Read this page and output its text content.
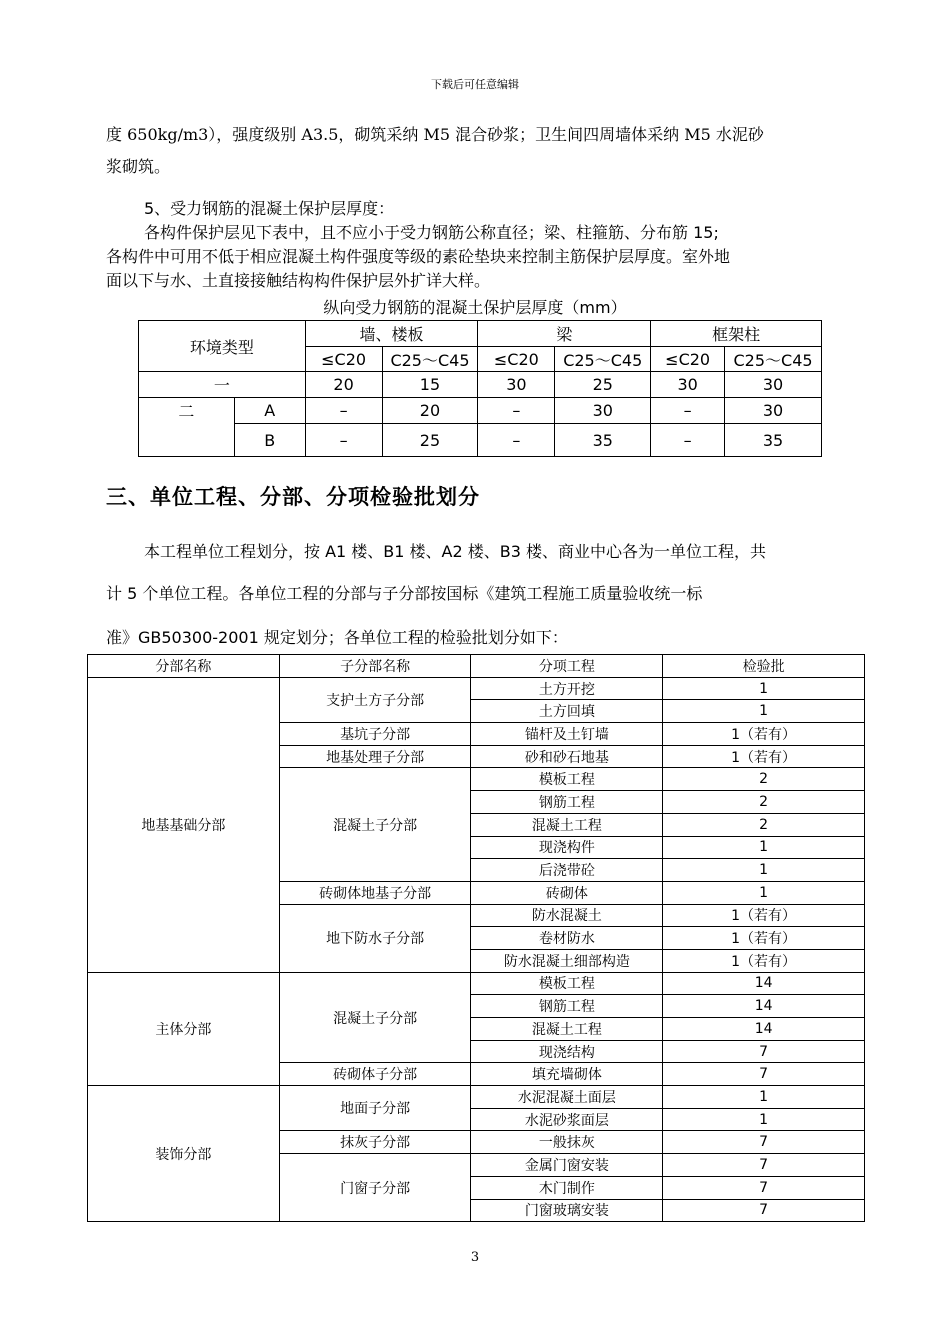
下载后可任意编辑
度 650kg/m3），强度级别 A3.5，砌筑采纳 M5 混合砂浆；卫生间四周墙体采纳 M5 水泥砂
浆砌筑。
5、受力钢筋的混凝土保护层厚度：
各构件保护层见下表中，且不应小于受力钢筋公称直径；梁、柱箍筋、分布筋 15;
各构件中可用不低于相应混凝土构件强度等级的素砼垫块来控制主筋保护层厚度。室外地
面以下与水、土直接接触结构构件保护层外扩详大样。
纵向受力钢筋的混凝土保护层厚度（mm）
环境类型		墙、楼板		梁		框架柱	
		≤C20	C25～C45	≤C20	C25～C45	≤C20	C25～C45
一		20	15	30	25	30	30
二	A	–	20	–	30	–	30
	B	–	25	–	35	–	35
三、单位工程、分部、分项检验批划分
本工程单位工程划分，按 A1 楼、B1 楼、A2 楼、B3 楼、商业中心各为一单位工程，共
计 5 个单位工程。各单位工程的分部与子分部按国标《建筑工程施工质量验收统一标
准》GB50300-2001 规定划分；各单位工程的检验批划分如下：
分部名称	子分部名称	分项工程	检验批
地基基础分部	支护土方子分部	土方开挖	1
		土方回填	1
	基坑子分部	锚杆及土钉墙	1（若有）
	地基处理子分部	砂和砂石地基	1（若有）
	混凝土子分部	模板工程	2
		钢筋工程	2
		混凝土工程	2
		现浇构件	1
		后浇带砼	1
	砖砌体地基子分部	砖砌体	1
	地下防水子分部	防水混凝土	1（若有）
		卷材防水	1（若有）
		防水混凝土细部构造	1（若有）
主体分部	混凝土子分部	模板工程	14
		钢筋工程	14
		混凝土工程	14
		现浇结构	7
	砖砌体子分部	填充墙砌体	7
装饰分部	地面子分部	水泥混凝土面层	1
		水泥砂浆面层	1
	抹灰子分部	一般抹灰	7
	门窗子分部	金属门窗安装	7
		木门制作	7
		门窗玻璃安装	7
3
